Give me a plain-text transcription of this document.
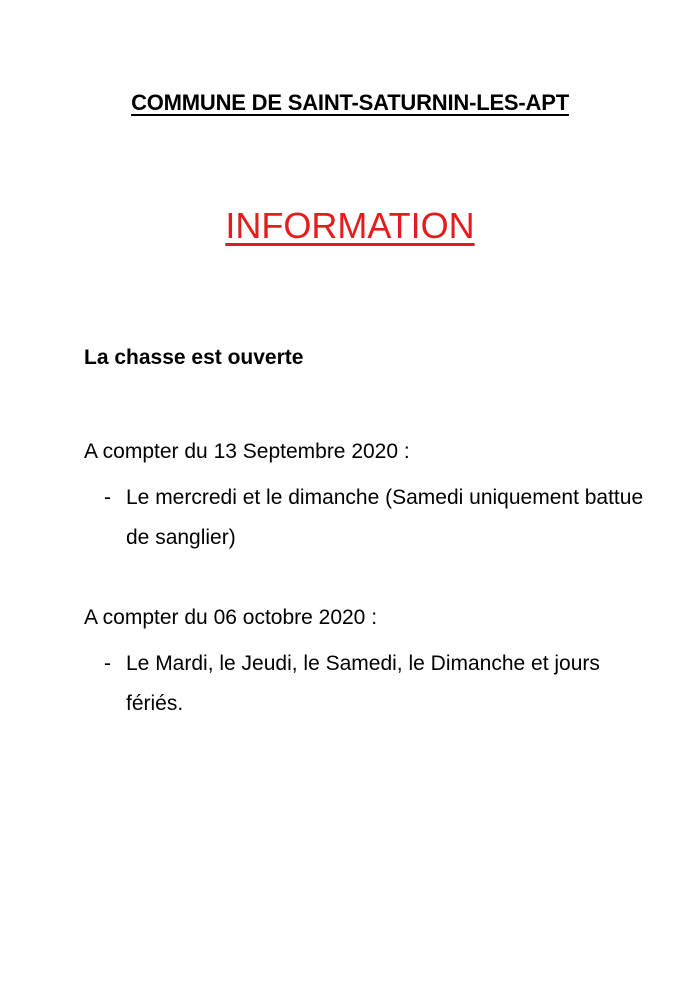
COMMUNE DE SAINT-SATURNIN-LES-APT
INFORMATION
La chasse est ouverte
A compter du 13 Septembre 2020 :
- Le mercredi et le dimanche (Samedi uniquement battue de sanglier)
A compter du 06 octobre 2020 :
- Le Mardi, le Jeudi, le Samedi, le Dimanche et jours fériés.
